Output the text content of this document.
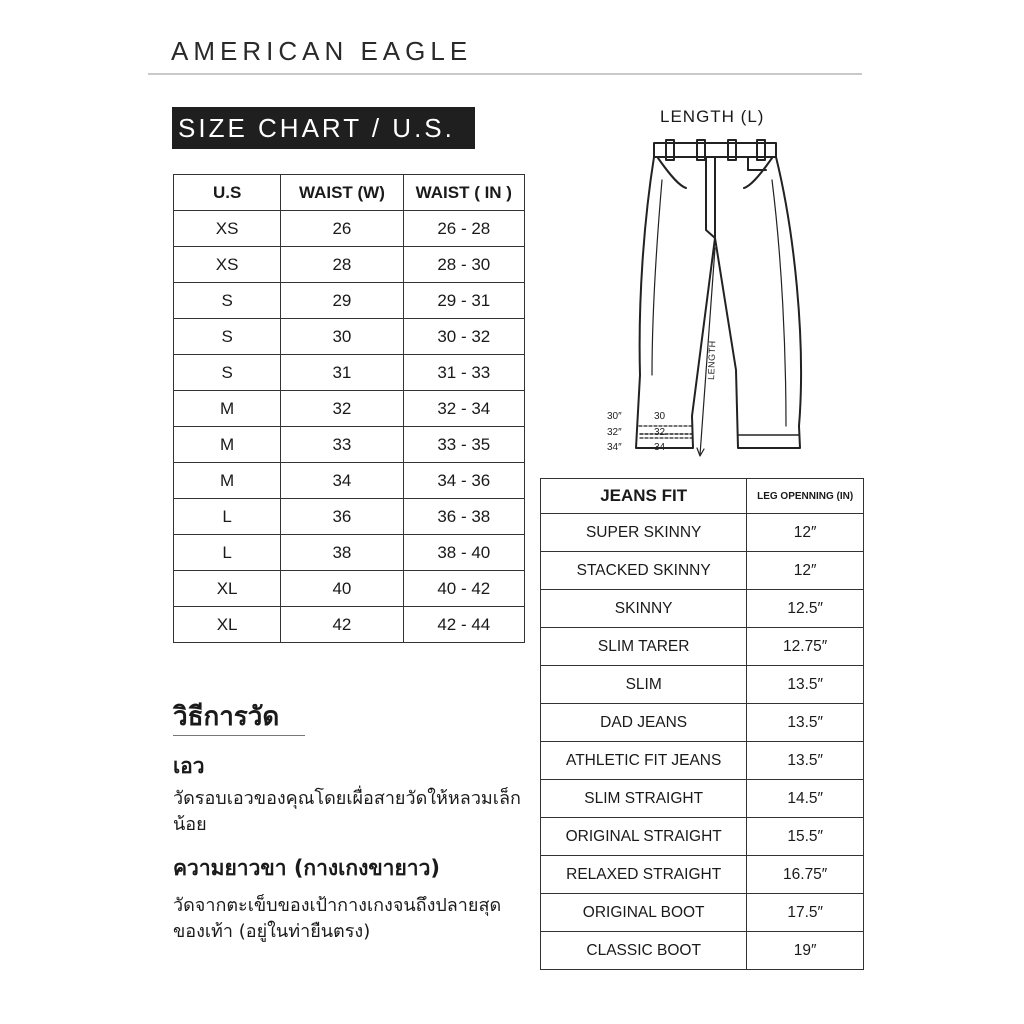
AMERICAN EAGLE
SIZE CHART / U.S.
U.S	WAIST (W)	WAIST ( IN )
XS	26	26 - 28
XS	28	28 - 30
S	29	29 - 31
S	30	30 - 32
S	31	31 - 33
M	32	32 - 34
M	33	33 - 35
M	34	34 - 36
L	36	36 - 38
L	38	38 - 40
XL	40	40 - 42
XL	42	42 - 44
LENGTH (L)
LENGTH
30″
32″
34″
30
32
34
JEANS FIT	LEG OPENNING (IN)
SUPER SKINNY	12″
STACKED SKINNY	12″
SKINNY	12.5″
SLIM TARER	12.75″
SLIM	13.5″
DAD JEANS	13.5″
ATHLETIC FIT JEANS	13.5″
SLIM STRAIGHT	14.5″
ORIGINAL STRAIGHT	15.5″
RELAXED STRAIGHT	16.75″
ORIGINAL BOOT	17.5″
CLASSIC BOOT	19″
วิธีการวัด
เอว
วัดรอบเอวของคุณโดยเผื่อสายวัดให้หลวมเล็กน้อย
ความยาวขา (กางเกงขายาว)
วัดจากตะเข็บของเป้ากางเกงจนถึงปลายสุดของเท้า (อยู่ในท่ายืนตรง)
